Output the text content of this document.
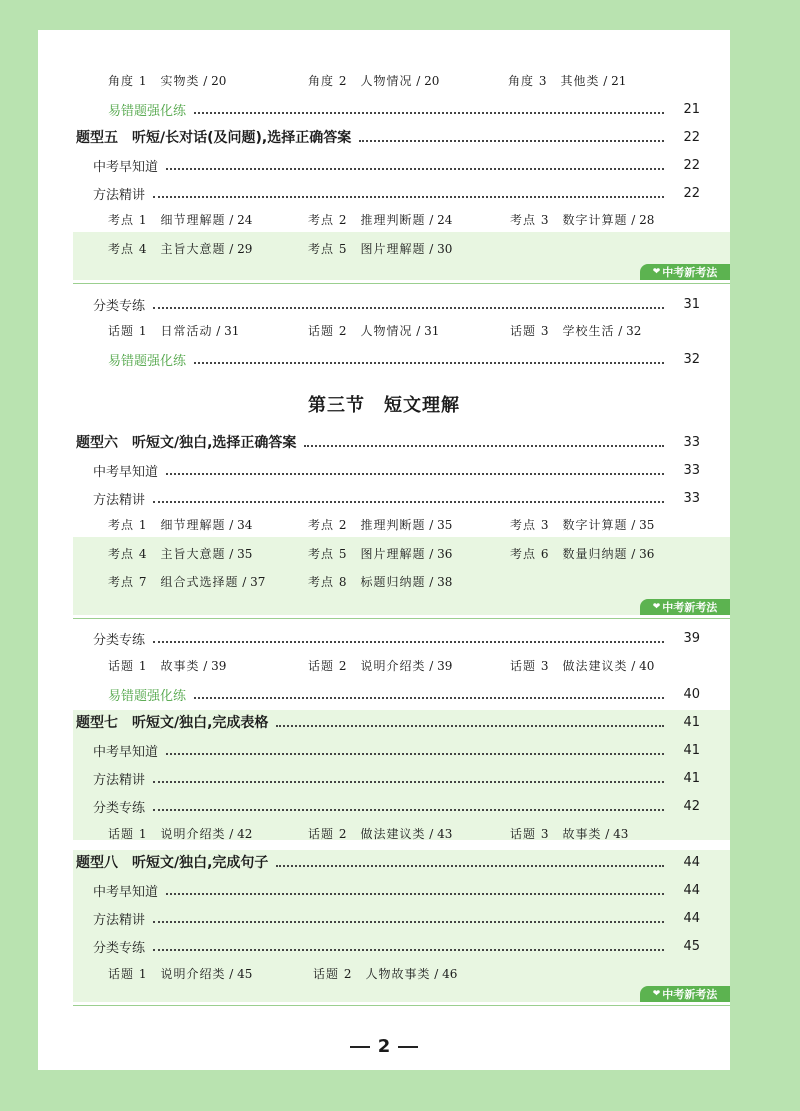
角度 1　实物类 / 20	角度 2　人物情况 / 20	角度 3　其他类 / 21
易错题强化练	21
题型五　听短/长对话(及问题),选择正确答案	22
中考早知道	22
方法精讲	22
考点 1　细节理解题 / 24	考点 2　推理判断题 / 24	考点 3　数字计算题 / 28
❤ 中考新考法
考点 4　主旨大意题 / 29	考点 5　图片理解题 / 30
分类专练	31
话题 1　日常活动 / 31	话题 2　人物情况 / 31	话题 3　学校生活 / 32
易错题强化练	32
第三节　短文理解
题型六　听短文/独白,选择正确答案	33
中考早知道	33
方法精讲	33
考点 1　细节理解题 / 34	考点 2　推理判断题 / 35	考点 3　数字计算题 / 35
❤ 中考新考法
考点 4　主旨大意题 / 35	考点 5　图片理解题 / 36	考点 6　数量归纳题 / 36
考点 7　组合式选择题 / 37	考点 8　标题归纳题 / 38
分类专练	39
话题 1　故事类 / 39	话题 2　说明介绍类 / 39	话题 3　做法建议类 / 40
易错题强化练	40
题型七　听短文/独白,完成表格	41
中考早知道	41
方法精讲	41
分类专练	42
话题 1　说明介绍类 / 42	话题 2　做法建议类 / 43	话题 3　故事类 / 43
❤ 中考新考法
题型八　听短文/独白,完成句子	44
中考早知道	44
方法精讲	44
分类专练	45
话题 1　说明介绍类 / 45	话题 2　人物故事类 / 46
2
